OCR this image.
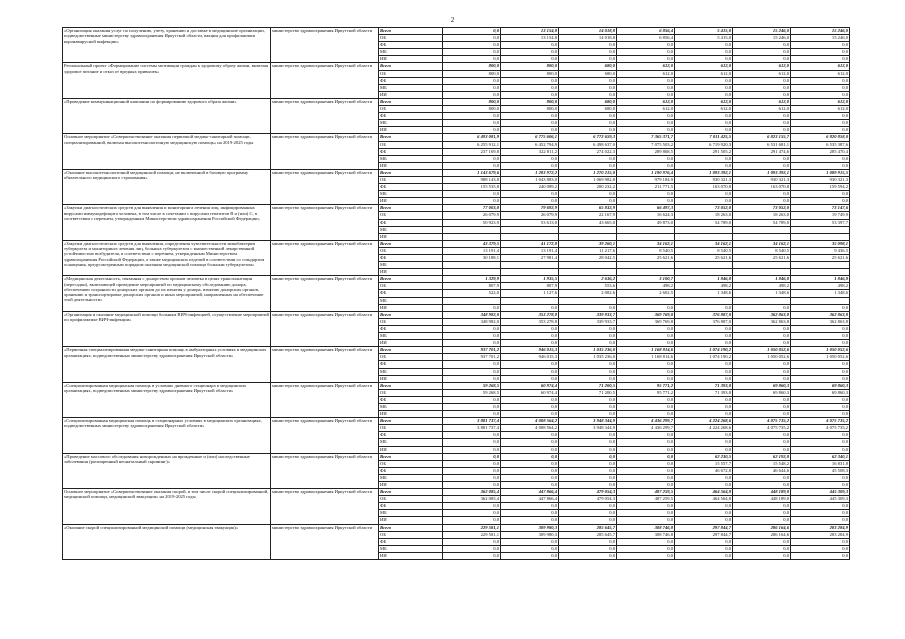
2
«Организация оказания услуг по получению, учету, хранению и доставке в медицинские организации, подведомственные министерству здравоохранения Иркутской области, вакцин для профилактики коронавирусной инфекции»	министерство здравоохранения Иркутской области	Всего	0,0	13 154,8	14 018,8	6 856,4	5 415,0	15 246,0	15 246,0
		ОБ	0,0	13 154,8	14 018,8	6 856,4	5 415,0	15 246,0	15 246,0
		ФБ	0,0	0,0	0,0	0,0	0,0	0,0	0,0
		МБ	0,0	0,0	0,0	0,0	0,0	0,0	0,0
		ИИ	0,0	0,0	0,0	0,0	0,0	0,0	0,0
Региональный проект «Формирование системы мотивации граждан к здоровому образу жизни, включая здоровое питание и отказ от вредных привычек»	министерство здравоохранения Иркутской области	Всего	800,0	800,0	680,0	612,0	612,0	612,0	612,0
		ОБ	800,0	800,0	680,0	612,0	612,0	612,0	612,0
		ФБ	0,0	0,0	0,0	0,0	0,0	0,0	0,0
		МБ	0,0	0,0	0,0	0,0	0,0	0,0	0,0
		ИИ	0,0	0,0	0,0	0,0	0,0	0,0	0,0
«Проведение коммуникационной кампании по формированию здорового образа жизни»	министерство здравоохранения Иркутской области	Всего	800,0	800,0	680,0	612,0	612,0	612,0	612,0
		ОБ	800,0	800,0	680,0	612,0	612,0	612,0	612,0
		ФБ	0,0	0,0	0,0	0,0	0,0	0,0	0,0
		МБ	0,0	0,0	0,0	0,0	0,0	0,0	0,0
		ИИ	0,0	0,0	0,0	0,0	0,0	0,0	0,0
Основное мероприятие «Совершенствование оказания первичной медико-санитарной помощи, специализированной, включая высокотехнологичную медицинскую помощь» на 2019-2025 годы	министерство здравоохранения Иркутской области	Всего	6 493 081,9	6 775 606,1	6 772 659,3	7 365 371,7	7 011 425,5	6 823 155,7	6 820 858,0
		ОБ	6 255 912,1	6 452 794,9	6 498 637,0	7 075 503,2	6 719 920,3	6 531 681,1	6 535 387,6
		ФБ	237 169,8	322 811,2	274 022,3	289 868,5	291 505,2	291 474,6	285 470,4
		МБ	0,0	0,0	0,0	0,0	0,0	0,0	0,0
		ИИ	0,0	0,0	0,0	0,0	0,0	0,0	0,0
«Оказание высокотехнологичной медицинской помощи, не включенной в базовую программу обязательного медицинского страхования»	министерство здравоохранения Иркутской области	Всего	1 143 679,6	1 283 972,2	1 270 215,0	1 190 976,4	1 093 392,1	1 093 392,1	1 089 915,5
		ОБ	988 143,8	1 043 883,0	1 069 982,8	979 184,9	930 321,3	930 321,3	930 321,3
		ФБ	155 535,8	240 089,2	200 232,2	211 771,5	163 070,8	163 070,8	159 594,2
		МБ	0,0	0,0	0,0	0,0	0,0	0,0	0,0
		ИИ	0,0	0,0	0,0	0,0	0,0	0,0	0,0
«Закупки диагностических средств для выявления и мониторинга лечения лиц, инфицированных вирусами иммунодефицита человека, в том числе в сочетании с вирусами гепатитов B и (или) C, в соответствии с перечнем, утвержденным Министерством здравоохранения Российской Федерации»	министерство здравоохранения Иркутской области	Всего	77 003,8	79 692,9	65 832,9	66 497,3	73 052,0	73 052,0	73 147,6
		ОБ	26 079,9	26 079,9	22 167,9	16 624,3	18 263,0	18 263,0	19 749,9
		ФБ	50 923,9	53 613,0	43 665,0	49 873,0	54 789,0	54 789,0	53 397,7
		МБ							
		ИИ							
«Закупки диагностических средств для выявления, определения чувствительности микобактерии туберкулеза и мониторинга лечения лиц, больных туберкулезом с множественной лекарственной устойчивостью возбудителя, в соответствии с перечнем, утвержденным Министерством здравоохранения Российской Федерации, а также медицинских изделий в соответствии со стандартом оснащения, предусмотренным порядком оказания медицинской помощи больным туберкулезом»	министерство здравоохранения Иркутской области	Всего	43 379,5	41 172,8	39 260,1	34 162,1	34 162,1	34 162,1	35 098,1
		ОБ	13 191,4	13 191,4	11 217,6	8 540,5	8 540,5	8 540,5	9 436,5
		ФБ	30 188,1	27 981,4	28 042,5	25 621,6	25 621,6	25 621,6	25 621,6
		МБ							
		ИИ							
«Медицинская деятельность, связанная с донорством органов человека в целях трансплантации (пересадки), включающей проведение мероприятий по медицинскому обследованию донора, обеспечению сохранности донорских органов до их изъятия у донора, изъятию донорских органов, хранению и транспортировке донорских органов и иных мероприятий, направленных на обеспечение этой деятельности»	министерство здравоохранения Иркутской области	Всего	1 329,9	1 935,5	2 636,2	3 100,7	1 846,8	1 846,8	1 846,8
		ОБ	807,9	807,9	553,6	498,2	498,2	498,2	498,2
		ФБ	522,0	1 127,6	2 082,6	2 602,5	1 348,6	1 348,6	1 348,6
		МБ							
		ИИ	0,0	0,0	0,0	0,0	0,0	0,0	0,0
«Организация и оказание медицинской помощи больным ВИЧ-инфекцией, осуществление мероприятий по профилактике ВИЧ-инфекции»	министерство здравоохранения Иркутской области	Всего	348 982,0	353 278,8	339 933,7	369 769,8	376 887,0	362 863,8	362 863,8
		ОБ	348 982,0	353 278,8	339 933,7	369 769,8	376 887,0	362 863,8	362 863,8
		ФБ	0,0	0,0	0,0	0,0	0,0	0,0	0,0
		МБ	0,0	0,0	0,0	0,0	0,0	0,0	0,0
		ИИ	0,0	0,0	0,0	0,0	0,0	0,0	0,0
«Первичная специализированная медико-санитарная помощь в амбулаторных условиях в медицинских организациях, подведомственных министерству здравоохранения Иркутской области»	министерство здравоохранения Иркутской области	Всего	937 701,2	946 015,3	1 035 236,0	1 168 814,6	1 074 190,2	1 050 052,6	1 050 052,6
		ОБ	937 701,2	946 015,3	1 035 236,0	1 168 814,6	1 074 190,2	1 050 052,6	1 050 052,6
		ФБ	0,0	0,0	0,0	0,0	0,0	0,0	0,0
		МБ	0,0	0,0	0,0	0,0	0,0	0,0	0,0
		ИИ	0,0	0,0	0,0	0,0	0,0	0,0	0,0
«Специализированная медицинская помощь в условиях дневного стационара в медицинских организациях, подведомственных министерству здравоохранения Иркутской области»	министерство здравоохранения Иркутской области	Всего	59 268,5	60 974,4	71 200,5	95 771,2	71 393,8	69 860,3	69 860,3
		ОБ	59 268,5	60 974,4	71 200,5	95 771,2	71 393,8	69 860,3	69 860,3
		ФБ	0,0	0,0	0,0	0,0	0,0	0,0	0,0
		МБ	0,0	0,0	0,0	0,0	0,0	0,0	0,0
		ИИ	0,0	0,0	0,0	0,0	0,0	0,0	0,0
«Специализированная медицинская помощь в стационарных условиях в медицинских организациях, подведомственных министерству здравоохранения Иркутской области»	министерство здравоохранения Иркутской области	Всего	3 881 737,4	4 008 564,2	3 948 344,9	4 436 299,7	4 224 268,6	4 075 735,2	4 075 735,2
		ОБ	3 881 737,4	4 008 564,2	3 948 344,9	4 436 299,7	4 224 268,6	4 075 735,2	4 075 735,2
		ФБ	0,0	0,0	0,0	0,0	0,0	0,0	0,0
		МБ	0,0	0,0	0,0	0,0	0,0	0,0	0,0
		ИИ	0,0	0,0	0,0	0,0	0,0	0,0	0,0
«Проведение массового обследования новорожденных на врожденные и (или) наследственные заболевания (расширенный неонатальный скрининг)»	министерство здравоохранения Иркутской области	Всего	0,0	0,0	0,0	0,0	62 230,5	62 192,8	62 340,1
		ОБ	0,0	0,0	0,0	0,0	15 557,7	15 548,2	16 831,8
		ФБ	0,0	0,0	0,0	0,0	46 672,8	46 644,6	45 508,3
		МБ	0,0	0,0	0,0	0,0	0,0	0,0	0,0
		ИИ	0,0	0,0	0,0	0,0	0,0	0,0	0,0
Основное мероприятие «Совершенствование оказания скорой, в том числе скорой специализированной, медицинской помощи, медицинской эвакуации» на 2019-2025 годы	министерство здравоохранения Иркутской области	Всего	362 085,4	447 866,4	479 054,3	487 259,5	464 564,8	448 189,0	445 309,3
		ОБ	362 085,4	447 866,4	479 054,3	487 259,5	464 564,8	448 189,0	445 309,3
		ФБ	0,0	0,0	0,0	0,0	0,0	0,0	0,0
		МБ	0,0	0,0	0,0	0,0	0,0	0,0	0,0
		ИИ	0,0	0,0	0,0	0,0	0,0	0,0	0,0
«Оказание скорой специализированной медицинской помощи (медицинская эвакуация)»	министерство здравоохранения Иркутской области	Всего	229 581,1	309 980,3	285 645,7	308 746,8	297 844,7	286 164,6	283 284,9
		ОБ	229 581,1	309 980,3	285 645,7	308 746,8	297 844,7	286 164,6	283 284,9
		ФБ	0,0	0,0	0,0	0,0	0,0	0,0	0,0
		МБ	0,0	0,0	0,0	0,0	0,0	0,0	0,0
		ИИ	0,0	0,0	0,0	0,0	0,0	0,0	0,0
